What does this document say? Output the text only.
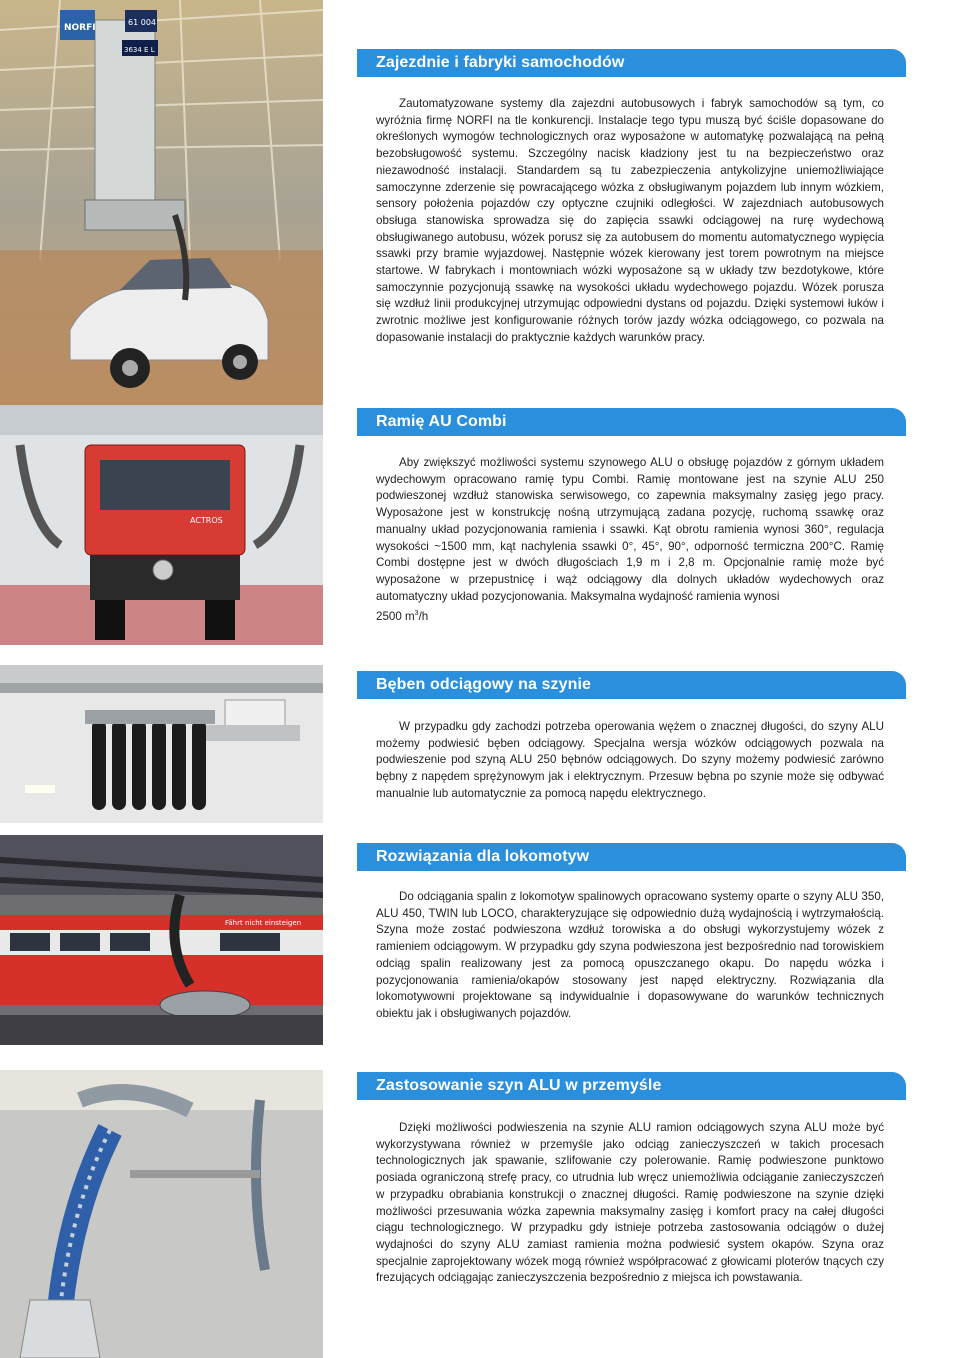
NORFI
61 004
3634 E L
ACTROS
Fährt nicht einsteigen
Zajezdnie i fabryki samochodów

Zautomatyzowane systemy dla zajezdni autobusowych i fabryk samochodów są tym, co wyróżnia firmę NORFI na tle konkurencji. Instalacje tego typu muszą być ściśle dopasowane do określonych wymogów technologicznych oraz wyposażone w automatykę pozwalającą na pełną bezobsługowość systemu. Szczególny nacisk kładziony jest tu na bezpieczeństwo oraz niezawodność instalacji. Standardem są tu zabezpieczenia antykolizyjne uniemożliwiające samoczynne zderzenie się powracającego wózka z obsługiwanym pojazdem lub innym wózkiem, sensory położenia pojazdów czy optyczne czujniki odległości. W zajezdniach autobusowych obsługa stanowiska sprowadza się do zapięcia ssawki odciągowej na rurę wydechową obsługiwanego autobusu, wózek porusz się za autobusem do momentu automatycznego wypięcia ssawki przy bramie wyjazdowej. Następnie wózek kierowany jest torem powrotnym na miejsce startowe. W fabrykach i montowniach wózki wyposażone są w układy tzw bezdotykowe, które samoczynnie pozycjonują ssawkę na wysokości układu wydechowego pojazdu. Wózek porusza się wzdłuż linii produkcyjnej utrzymując odpowiedni dystans od pojazdu. Dzięki systemowi łuków i zwrotnic możliwe jest konfigurowanie różnych torów jazdy wózka odciągowego, co pozwala na dopasowanie instalacji do praktycznie każdych warunków pracy.

Ramię AU Combi

Aby zwiększyć możliwości systemu szynowego ALU o obsługę pojazdów z górnym układem wydechowym opracowano ramię typu Combi. Ramię montowane jest na szynie ALU 250 podwieszonej wzdłuż stanowiska serwisowego, co zapewnia maksymalny zasięg jego pracy. Wyposażone jest w konstrukcję nośną utrzymującą zadana pozycję, ruchomą ssawkę oraz manualny układ pozycjonowania ramienia i ssawki. Kąt obrotu ramienia wynosi 360°, regulacja wysokości ~1500 mm, kąt nachylenia ssawki 0°, 45°, 90°, odporność termiczna 200°C. Ramię Combi dostępne jest w dwóch długościach 1,9 m i 2,8 m. Opcjonalnie ramię może być wyposażone w przepustnicę i wąż odciągowy dla dolnych układów wydechowych oraz automatyczny układ pozycjonowania. Maksymalna wydajność ramienia wynosi

2500 $m^3/h$
Bęben odciągowy na szynie

W przypadku gdy zachodzi potrzeba operowania wężem o znacznej długości, do szyny ALU możemy podwiesić bęben odciągowy. Specjalna wersja wózków odciągowych pozwala na podwieszenie pod szyną ALU 250 bębnów odciągowych. Do szyny możemy podwiesić zarówno bębny z napędem sprężynowym jak i elektrycznym. Przesuw bębna po szynie może się odbywać manualnie lub automatycznie za pomocą napędu elektrycznego.

Rozwiązania dla lokomotyw

Do odciągania spalin z lokomotyw spalinowych opracowano systemy oparte o szyny ALU 350, ALU 450, TWIN lub LOCO, charakteryzujące się odpowiednio dużą wydajnością i wytrzymałością. Szyna może zostać podwieszona wzdłuż torowiska a do obsługi wykorzystujemy wózek z ramieniem odciągowym. W przypadku gdy szyna podwieszona jest bezpośrednio nad torowiskiem odciąg spalin realizowany jest za pomocą opuszczanego okapu. Do napędu wózka i pozycjonowania ramienia/okapów stosowany jest napęd elektryczny. Rozwiązania dla lokomotywowni projektowane są indywidualnie i dopasowywane do warunków technicznych obiektu jak i obsługiwanych pojazdów.

Zastosowanie szyn ALU w przemyśle

Dzięki możliwości podwieszenia na szynie ALU ramion odciągowych szyna ALU może być wykorzystywana również w przemyśle jako odciąg zanieczyszczeń w takich procesach technologicznych jak spawanie, szlifowanie czy polerowanie. Ramię podwieszone punktowo posiada ograniczoną strefę pracy, co utrudnia lub wręcz uniemożliwia odciąganie zanieczyszczeń w przypadku obrabiania konstrukcji o znacznej długości. Ramię podwieszone na szynie dzięki możliwości przesuwania wózka zapewnia maksymalny zasięg i komfort pracy na całej długości ciągu technologicznego. W przypadku gdy istnieje potrzeba zastosowania odciągów o dużej wydajności do szyny ALU zamiast ramienia można podwiesić system okapów. Szyna oraz specjalnie zaprojektowany wózek mogą również współpracować z głowicami ploterów tnących czy frezujących odciągając zanieczyszczenia bezpośrednio z miejsca ich powstawania.
